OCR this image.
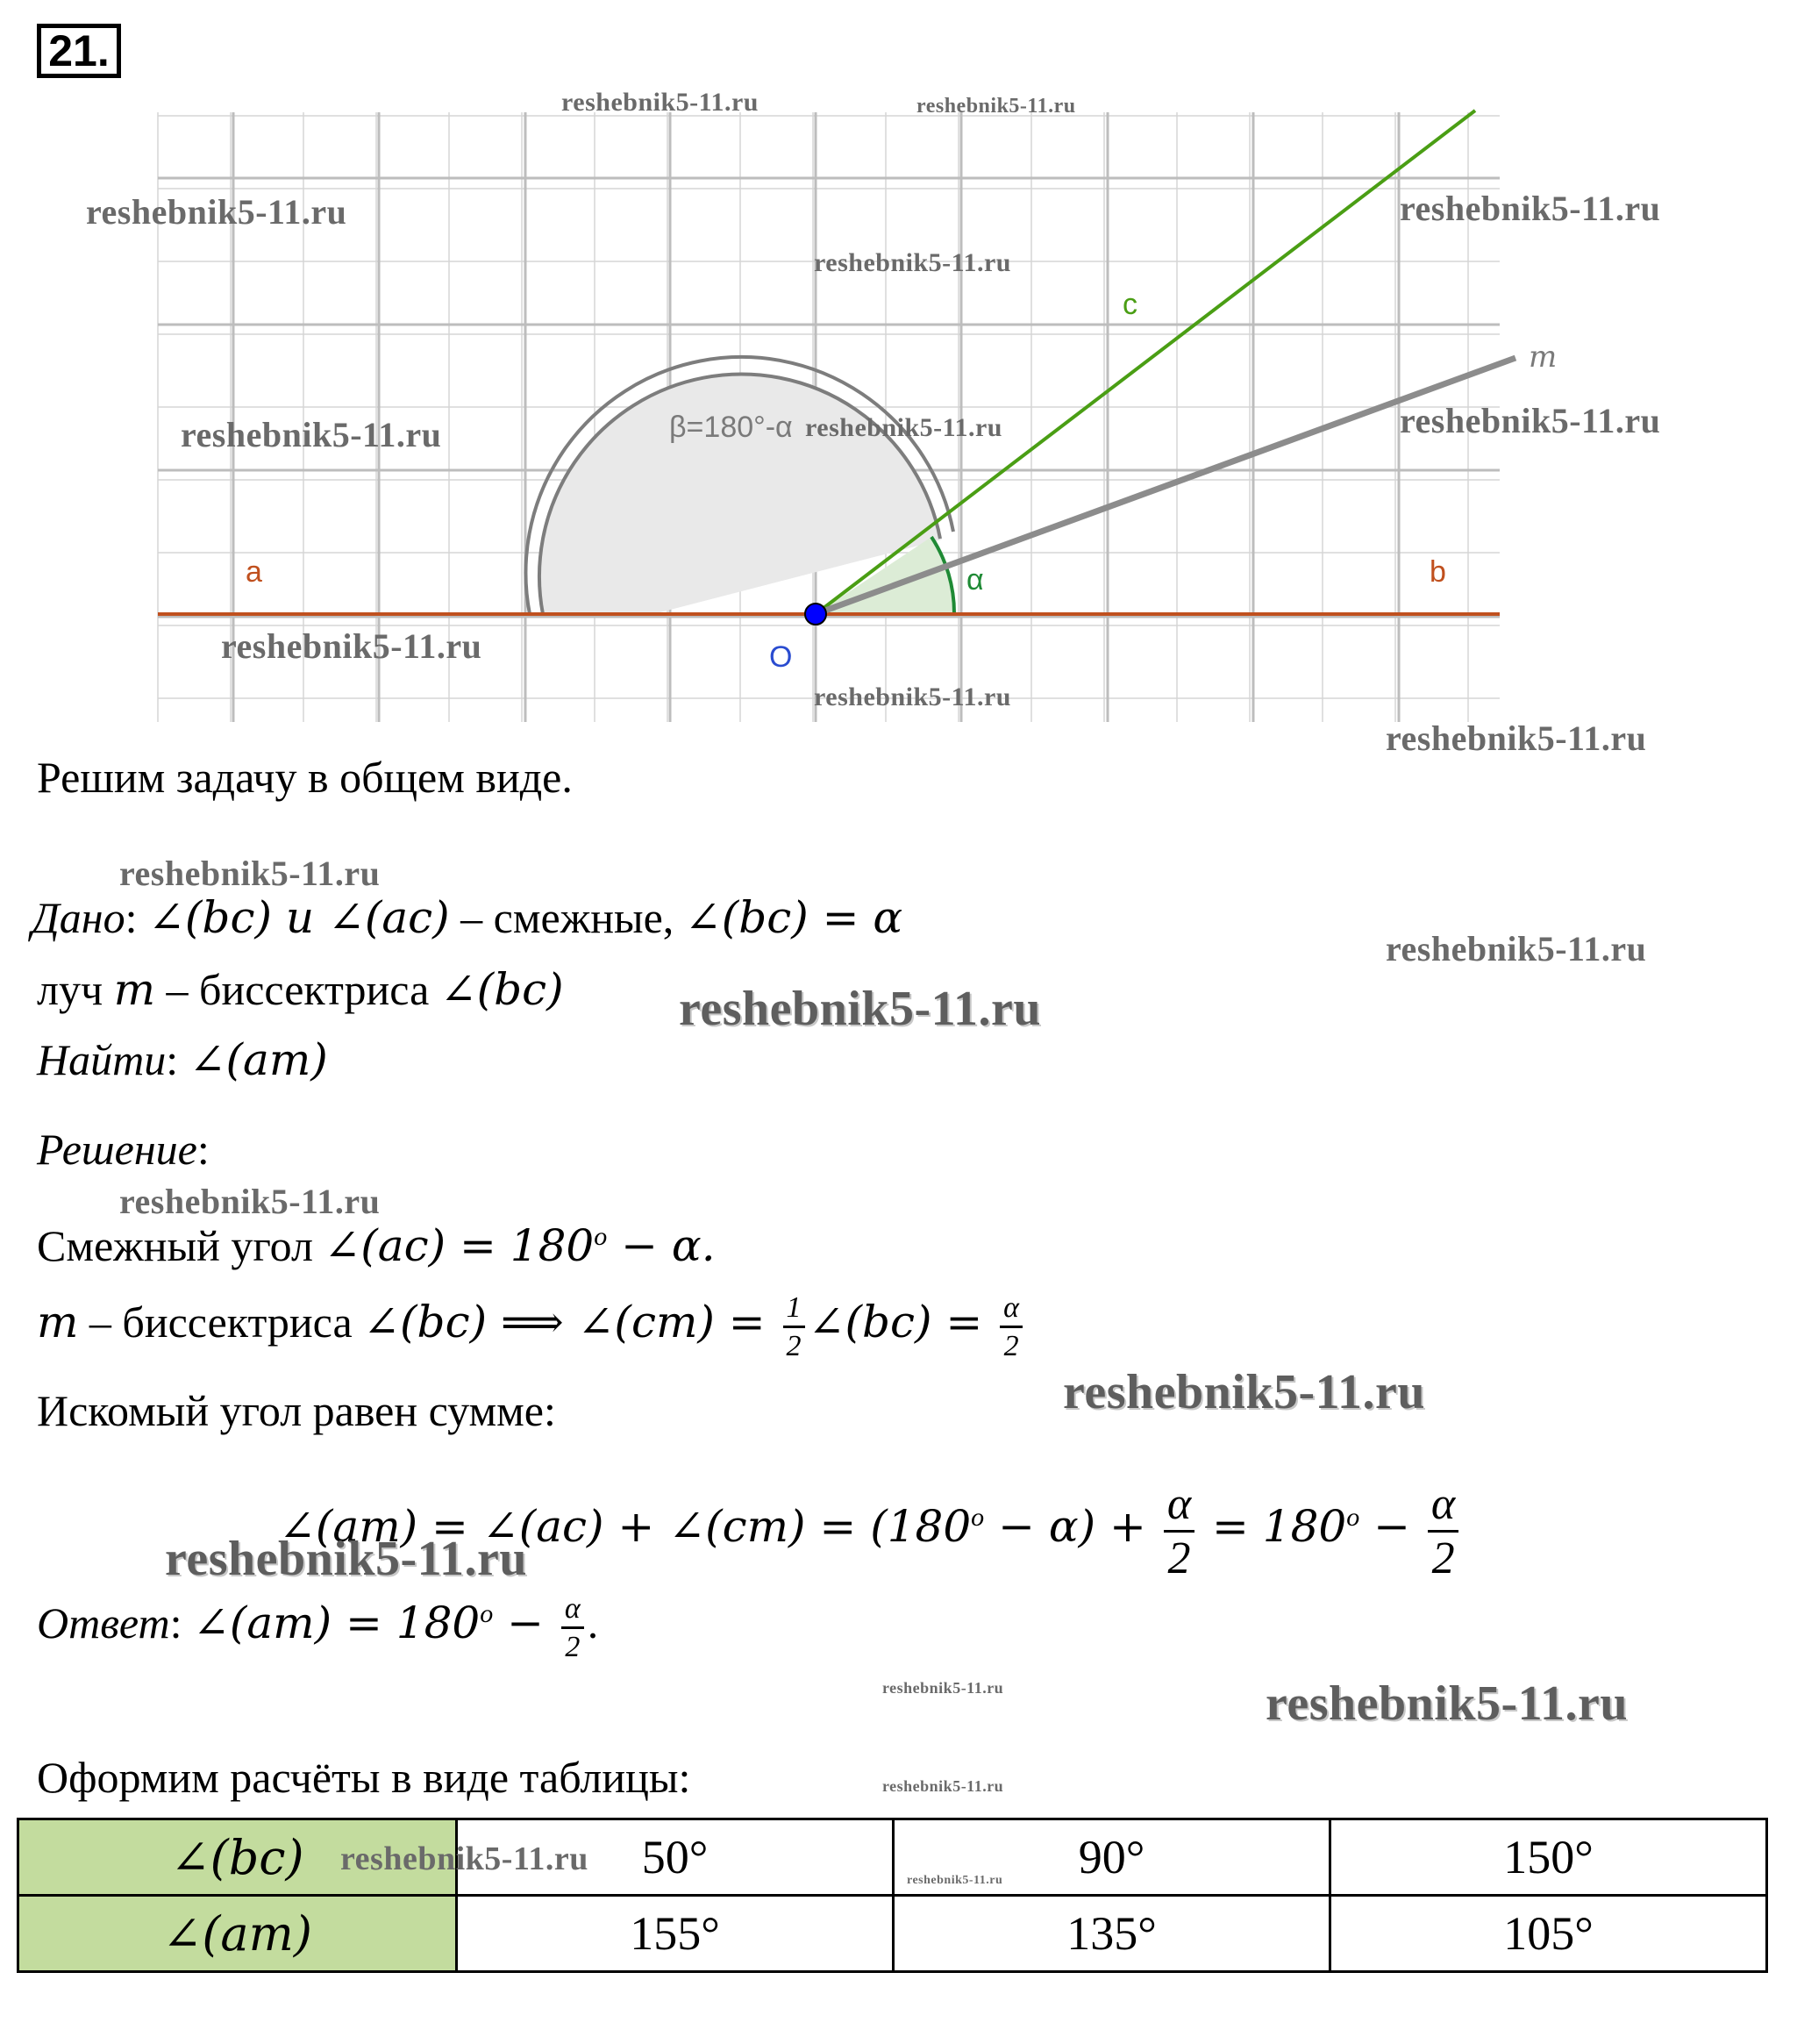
21.
a	b
c
m
O
α
β=180°-α
Решим задачу в общем виде.
Дано: ∠(bc) и ∠(ac) – смежные, ∠(bc) = α
луч m – биссектриса ∠(bc)
Найти: ∠(am)
Решение:
Смежный угол ∠(ac) = $180^o - \alpha$.
m – биссектриса ∠(bc) ⟹ ∠(cm) = $\frac{1}{2}$ ∠(bc) = $\frac{\alpha}{2}$
Искомый угол равен сумме:
∠(am) = ∠(ac) + ∠(cm) = $(180^o - \alpha) + \frac{\alpha}{2} = 180^o - \frac{\alpha}{2}$
Ответ: ∠(am) = $180^o - \frac{\alpha}{2}$ .
Оформим расчёты в виде таблицы:
∠(bc)	50°	90°	150°
∠(am)	155°	135°	105°
reshebnik5-11.ru	reshebnik5-11.ru
reshebnik5-11.ru	reshebnik5-11.ru
reshebnik5-11.ru
reshebnik5-11.ru	reshebnik5-11.ru	reshebnik5-11.ru
reshebnik5-11.ru
reshebnik5-11.ru
reshebnik5-11.ru
reshebnik5-11.ru
reshebnik5-11.ru
reshebnik5-11.ru
reshebnik5-11.ru
reshebnik5-11.ru
reshebnik5-11.ru
reshebnik5-11.ru	reshebnik5-11.ru
reshebnik5-11.ru
reshebnik5-11.ru
reshebnik5-11.ru
